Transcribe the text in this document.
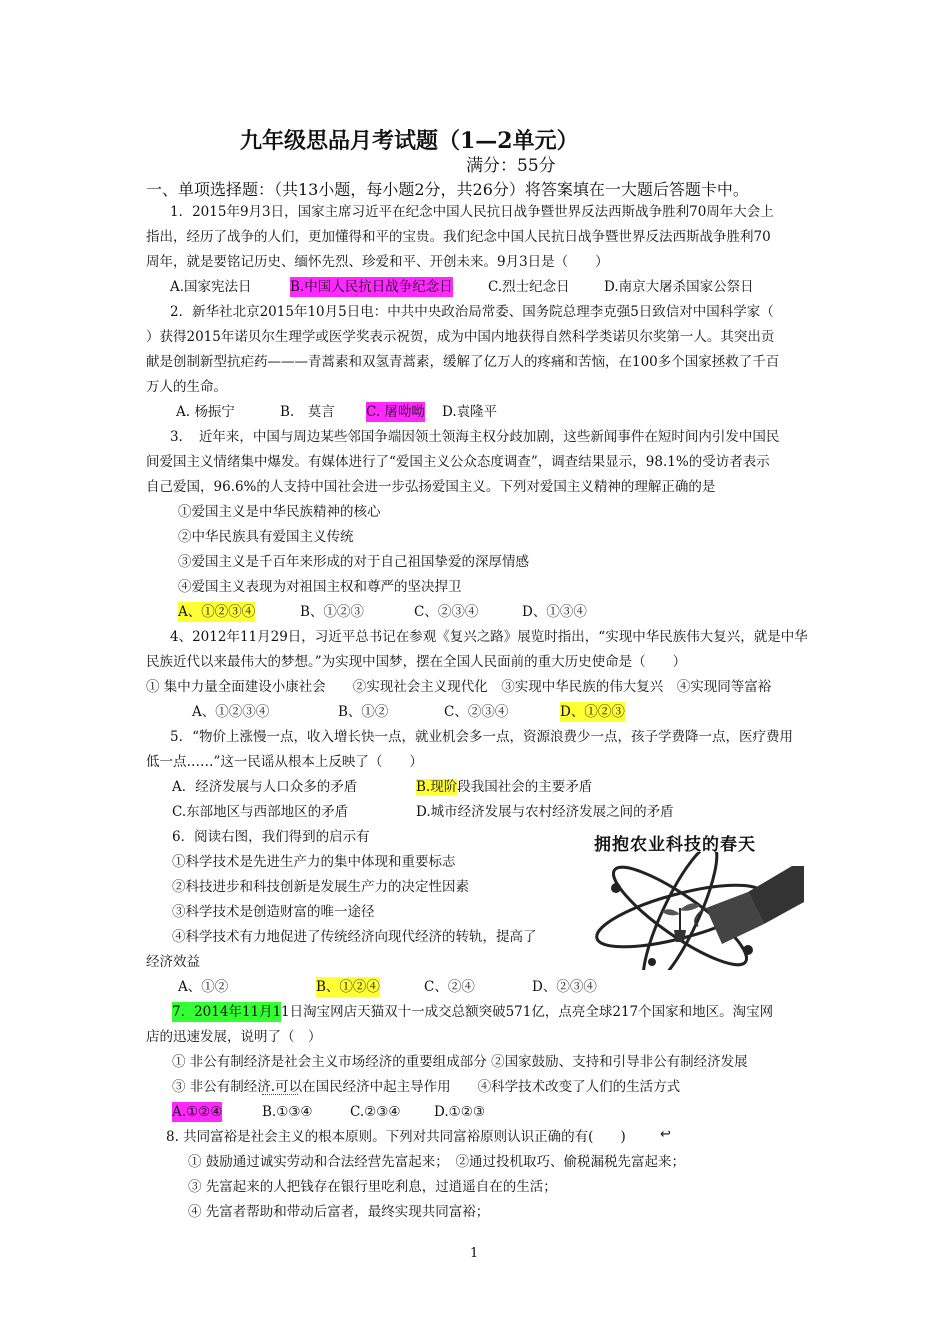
九年级思品月考试题（1—2单元）
满分：55分
一、单项选择题：（共13小题，每小题2分，共26分）将答案填在一大题后答题卡中。
1．2015年9月3日，国家主席习近平在纪念中国人民抗日战争暨世界反法西斯战争胜利70周年大会上
指出，经历了战争的人们，更加懂得和平的宝贵。我们纪念中国人民抗日战争暨世界反法西斯战争胜利70
周年，就是要铭记历史、缅怀先烈、珍爱和平、开创未来。9月3日是（　　）
A.国家宪法日	B.中国人民抗日战争纪念日	C.烈士纪念日	D.南京大屠杀国家公祭日
2．新华社北京2015年10月5日电：中共中央政治局常委、国务院总理李克强5日致信对中国科学家（
）获得2015年诺贝尔生理学或医学奖表示祝贺，成为中国内地获得自然科学类诺贝尔奖第一人。其突出贡
献是创制新型抗疟药———青蒿素和双氢青蒿素，缓解了亿万人的疼痛和苦恼，在100多个国家拯救了千百
万人的生命。
A. 杨振宁	B.　莫言 C. 屠呦呦 D.袁隆平
3．　近年来，中国与周边某些邻国争端因领土领海主权分歧加剧，这些新闻事件在短时间内引发中国民
间爱国主义情绪集中爆发。有媒体进行了“爱国主义公众态度调查”，调查结果显示，98.1%的受访者表示
自己爱国，96.6%的人支持中国社会进一步弘扬爱国主义。下列对爱国主义精神的理解正确的是
①爱国主义是中华民族精神的核心
②中华民族具有爱国主义传统
③爱国主义是千百年来形成的对于自己祖国挚爱的深厚情感
④爱国主义表现为对祖国主权和尊严的坚决捍卫
A、①②③④	B、①②③	C、②③④	D、①③④
4、2012年11月29日，习近平总书记在参观《复兴之路》展览时指出，“实现中华民族伟大复兴，就是中华
民族近代以来最伟大的梦想。”为实现中国梦，摆在全国人民面前的重大历史使命是（　　）
① 集中力量全面建设小康社会　　②实现社会主义现代化　③实现中华民族的伟大复兴　④实现同等富裕
A、①②③④	B、①②	C、②③④	D、①②③
5．“物价上涨慢一点，收入增长快一点，就业机会多一点，资源浪费少一点，孩子学费降一点，医疗费用
低一点……”这一民谣从根本上反映了（　　）
A．经济发展与人口众多的矛盾	B.现阶段我国社会的主要矛盾
C.东部地区与西部地区的矛盾	D.城市经济发展与农村经济发展之间的矛盾
6．阅读右图，我们得到的启示有
①科学技术是先进生产力的集中体现和重要标志
②科技进步和科技创新是发展生产力的决定性因素
③科学技术是创造财富的唯一途径
④科学技术有力地促进了传统经济向现代经济的转轨，提高了
经济效益
A、①②	B、①②④	C、②④	D、②③④
拥抱农业科技的春天
7．2014年11月1 1日淘宝网店天猫双十一成交总额突破571亿，点亮全球217个国家和地区。淘宝网
店的迅速发展，说明了（　）
① 非公有制经济是社会主义市场经济的重要组成部分 ②国家鼓励、支持和引导非公有制经济发展
③ 非公有制经济.可以在国民经济中起主导作用　　④科学技术改变了人们的生活方式
A.①②④	B.①③④	C.②③④ D.①②③
8. 共同富裕是社会主义的根本原则。下列对共同富裕原则认识正确的有(　　)	↩
① 鼓励通过诚实劳动和合法经营先富起来；　②通过投机取巧、偷税漏税先富起来；
③ 先富起来的人把钱存在银行里吃利息，过逍遥自在的生活；
④ 先富者帮助和带动后富者，最终实现共同富裕；
1
